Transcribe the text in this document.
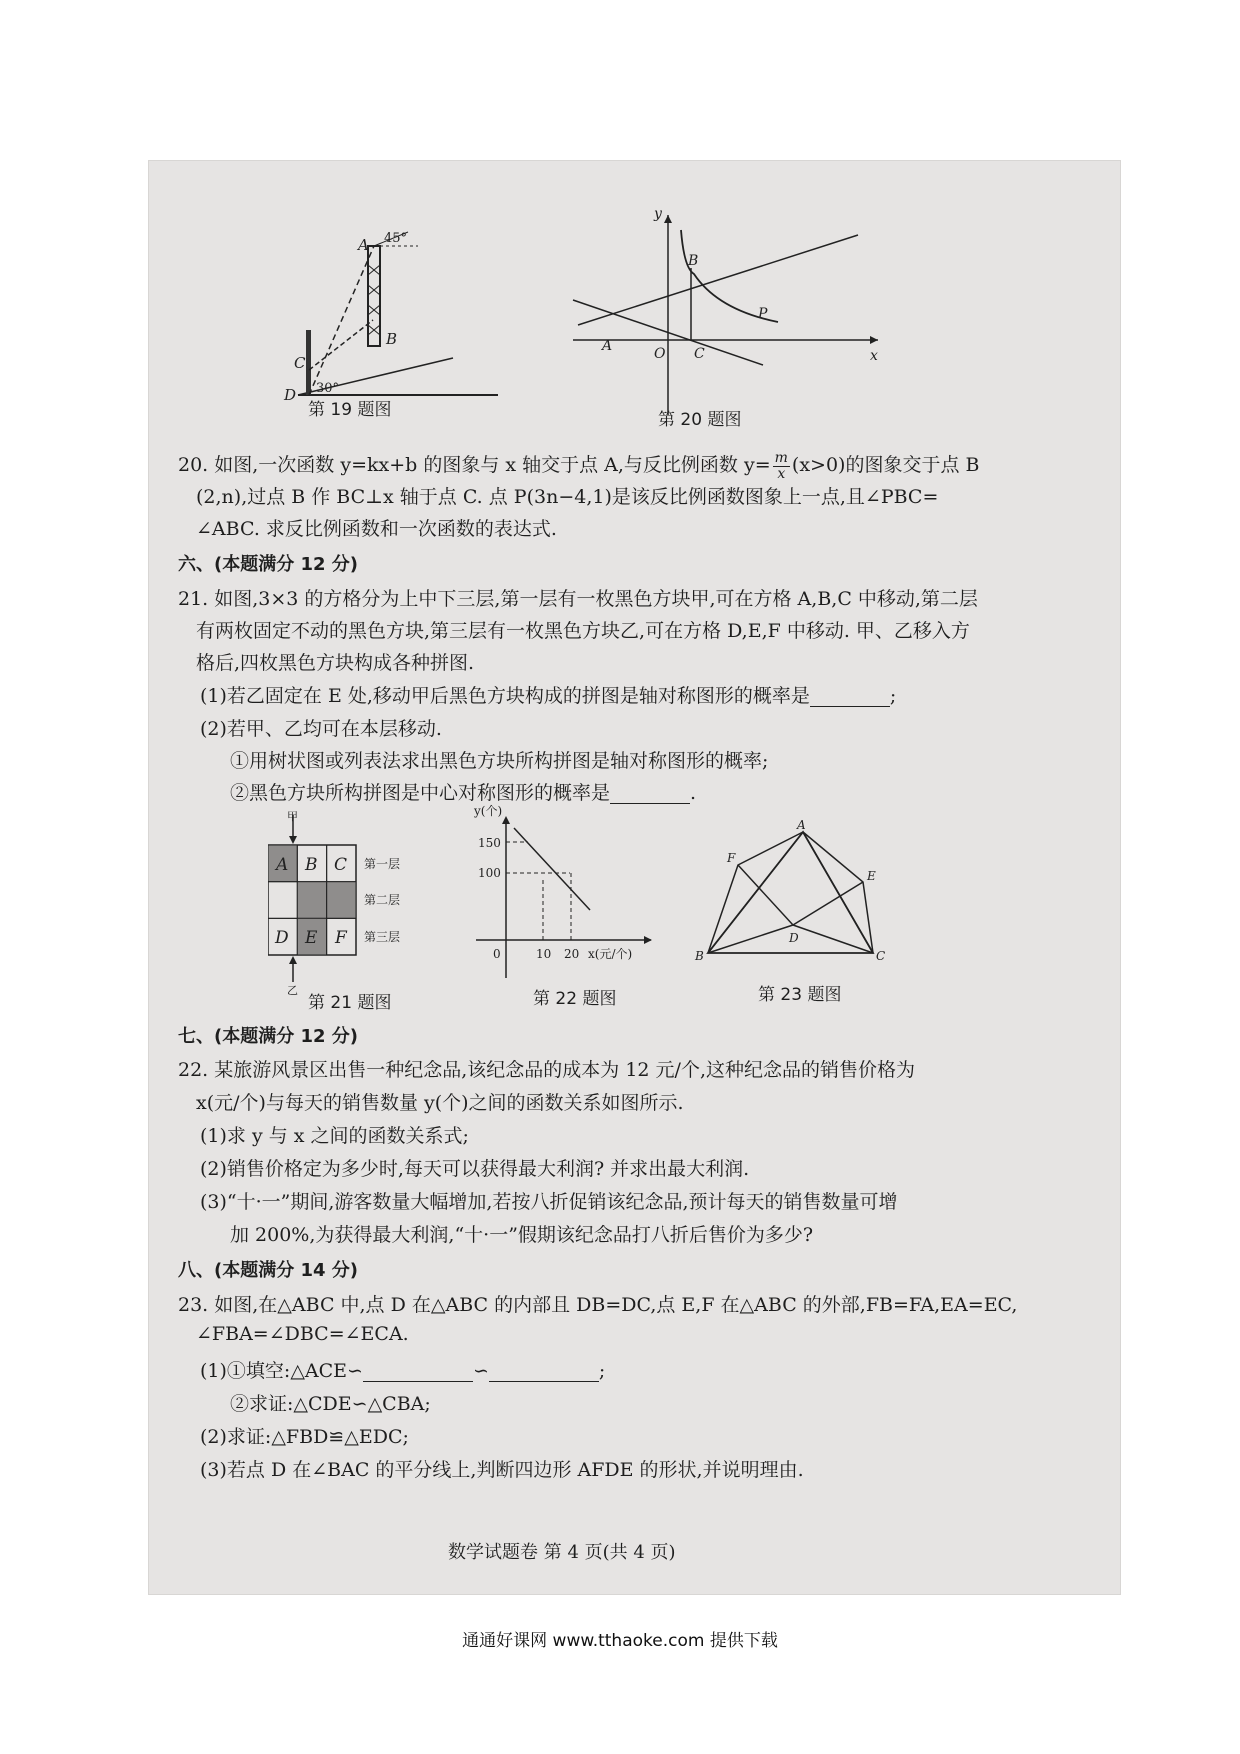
A 45°
B
C
D 30°
第 19 题图
y
x
O
A
B
C
P
第 20 题图
20. 如图,一次函数 y=kx+b 的图象与 x 轴交于点 A,与反比例函数 $y= \frac{m}{x} (x>0)$的图象交于点 B
(2,n),过点 B 作 BC⊥x 轴于点 C. 点 P(3n−4,1)是该反比例函数图象上一点,且∠PBC=
∠ABC. 求反比例函数和一次函数的表达式.
六、(本题满分 12 分)
21. 如图,3×3 的方格分为上中下三层,第一层有一枚黑色方块甲,可在方格 A,B,C 中移动,第二层
有两枚固定不动的黑色方块,第三层有一枚黑色方块乙,可在方格 D,E,F 中移动. 甲、乙移入方
格后,四枚黑色方块构成各种拼图.
(1)若乙固定在 E 处,移动甲后黑色方块构成的拼图是轴对称图形的概率是	;
(2)若甲、乙均可在本层移动.
①用树状图或列表法求出黑色方块所构拼图是轴对称图形的概率;
②黑色方块所构拼图是中心对称图形的概率是	.
A B C
D E F
甲
乙
第一层
第二层
第三层
第 21 题图
y(个)
150
100
0	10 20 x(元/个)
第 22 题图
A
B	C
D
E
F
第 23 题图
七、(本题满分 12 分)
22. 某旅游风景区出售一种纪念品,该纪念品的成本为 12 元/个,这种纪念品的销售价格为
x(元/个)与每天的销售数量 y(个)之间的函数关系如图所示.
(1)求 y 与 x 之间的函数关系式;
(2)销售价格定为多少时,每天可以获得最大利润? 并求出最大利润.
(3)“十·一”期间,游客数量大幅增加,若按八折促销该纪念品,预计每天的销售数量可增
加 200%,为获得最大利润,“十·一”假期该纪念品打八折后售价为多少?
八、(本题满分 14 分)
23. 如图,在△ABC 中,点 D 在△ABC 的内部且 DB=DC,点 E,F 在△ABC 的外部,FB=FA,EA=EC,
∠FBA=∠DBC=∠ECA.
(1)①填空:△ACE∽	∽	;
②求证:△CDE∽△CBA;
(2)求证:△FBD≌△EDC;
(3)若点 D 在∠BAC 的平分线上,判断四边形 AFDE 的形状,并说明理由.
数学试题卷 第 4 页(共 4 页)
通通好课网 www.tthaoke.com 提供下载
